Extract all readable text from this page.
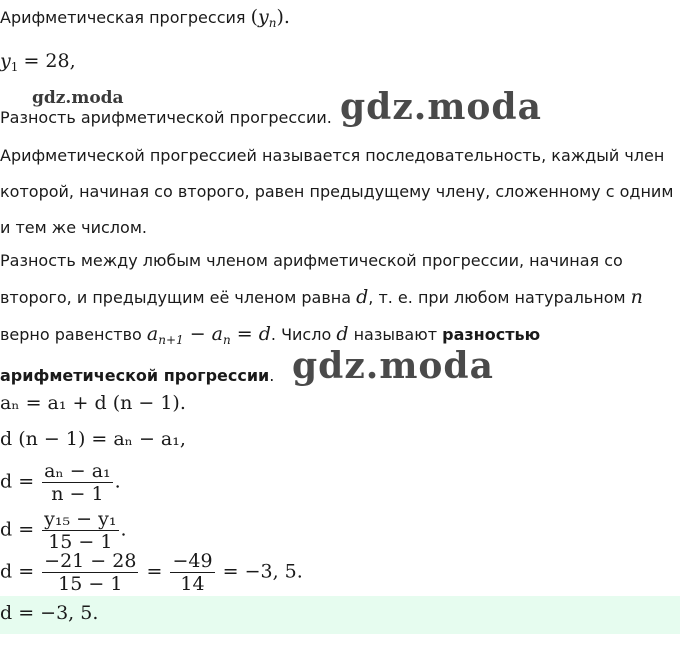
Арифметическая прогрессия $(y_n)$.
$y_1 = 28$,
gdz.moda	gdz.moda
gdz.moda
Разность арифметической прогрессии.
Арифметической прогрессией называется последовательность, каждый член которой, начиная со второго, равен предыдущему члену, сложенному с одним и тем же числом.
Разность между любым членом арифметической прогрессии, начиная со второго, и предыдущим её членом равна d, т. е. при любом натуральном n
верно равенство $a_{n+1} - a_n = d$. Число d называют разностью арифметической прогрессии.
aₙ = a₁ + d (n − 1).
d (n − 1) = aₙ − a₁,
$d = \frac{\text{aₙ − a₁}}{n - 1}$ .
$d = \frac{\text{y₁₅ − y₁}}{15 - 1}$ .
$d = \frac{-21 - 28}{15 - 1} = \frac{-49}{14} = -3$, 5.
d = −3, 5.
